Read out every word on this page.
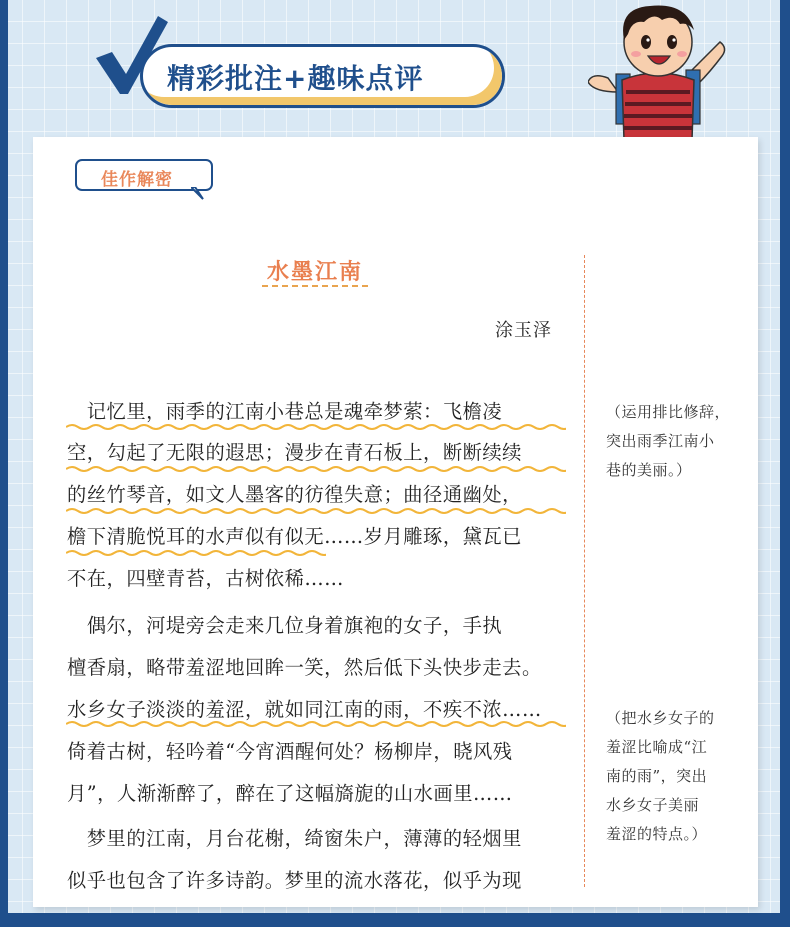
精彩批注+趣味点评
佳作解密
水墨江南
涂玉泽
　记忆里，雨季的江南小巷总是魂牵梦萦：飞檐凌
空，勾起了无限的遐思；漫步在青石板上，断断续续
的丝竹琴音，如文人墨客的彷徨失意；曲径通幽处，
檐下清脆悦耳的水声似有似无……岁月雕琢，黛瓦已
不在，四壁青苔，古树依稀……
　偶尔，河堤旁会走来几位身着旗袍的女子，手执
檀香扇，略带羞涩地回眸一笑，然后低下头快步走去。
水乡女子淡淡的羞涩，就如同江南的雨，不疾不浓……
倚着古树，轻吟着“今宵酒醒何处？杨柳岸，晓风残
月”，人渐渐醉了，醉在了这幅旖旎的山水画里……
　梦里的江南，月台花榭，绮窗朱户，薄薄的轻烟里
似乎也包含了许多诗韵。梦里的流水落花，似乎为现
（运用排比修辞，
突出雨季江南小
巷的美丽。）
（把水乡女子的
羞涩比喻成“江
南的雨”，突出
水乡女子美丽
羞涩的特点。）
